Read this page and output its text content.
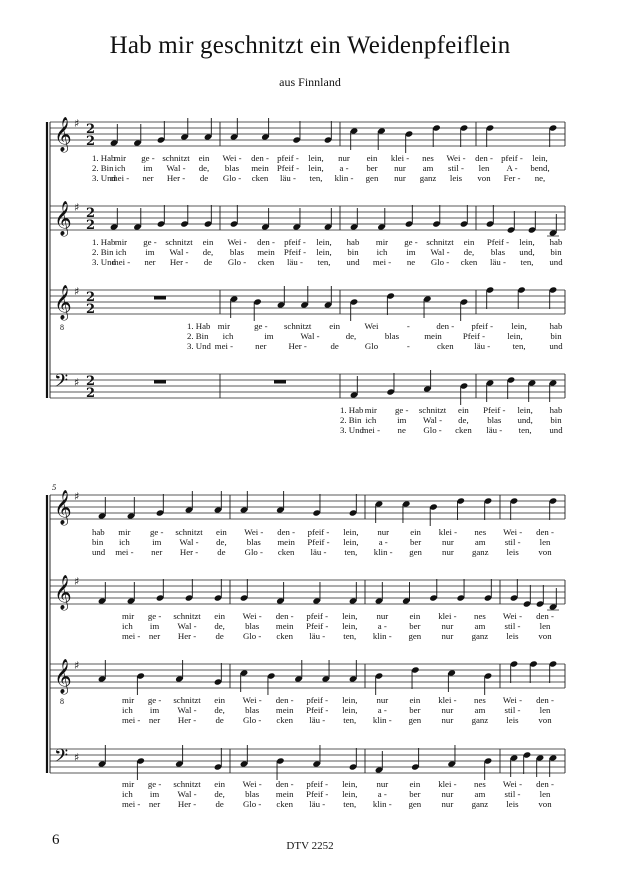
Hab mir geschnitzt ein Weidenpfeiflein
aus Finnland
𝄞 ♯ 2
2
1. Hab
mir ge - schnitzt ein Wei - den - pfeif - lein, nur ein klei - nes Wei - den - pfeif - lein,
2. Bin ich im Wal - de, blas mein Pfeif - lein, a - ber nur am stil - len A - bend,
3. Und
mei - ner Her - de Glo - cken läu - ten, klin - gen nur ganz leis von Fer - ne,
𝄞 ♯ 2
2
1. Hab mir ge - schnitzt ein Wei - den - pfeif - lein, hab mir ge - schnitzt ein Pfeif - lein, hab
2. Bin ich im Wal - de, blas mein Pfeif - lein, bin ich im Wal - de, blas und, bin
3. Und
mei - ner Her - de Glo - cken läu - ten, und mei - ne Glo - cken läu - ten, und
𝄞
8
♯ 2
2
1. Hab mir	ge - schnitzt ein	Wei	-	den - pfeif - lein,	hab
2. Bin ich	im	Wal -	de,	blas	mein Pfeif -	lein,	bin
3. Und mei -	ner	Her -	de	Glo	-	cken läu -	ten,	und
𝄢 ♯ 2
2
1. Hab mir ge - schnitzt ein Pfeif - lein, hab
2. Bin ich im Wal - de, blas und, bin
3. Und
mei - ne Glo - cken läu - ten, und
5
𝄞 ♯
hab mir ge - schnitzt ein Wei - den - pfeif - lein, nur ein klei - nes Wei - den -
bin ich	im Wal - de, blas mein Pfeif - lein, a -	ber nur am stil - len
und mei - ner Her - de Glo - cken läu - ten, klin - gen nur ganz leis von
𝄞 ♯
mir ge - schnitzt ein Wei - den - pfeif - lein, nur ein klei - nes Wei - den -
ich im Wal - de, blas mein Pfeif - lein, a -	ber nur am stil - len
mei - ner Her - de Glo - cken läu - ten, klin - gen nur ganz leis von
𝄞
8
♯
mir ge - schnitzt ein Wei - den - pfeif - lein, nur ein klei - nes Wei - den -
ich im Wal - de, blas mein Pfeif - lein, a -	ber nur am stil - len
mei - ner Her - de Glo - cken läu - ten, klin - gen nur ganz leis von
𝄢 ♯
mir ge - schnitzt ein Wei - den - pfeif - lein, nur ein klei - nes Wei - den -
ich im Wal - de, blas mein Pfeif - lein, a -	ber nur am stil - len
mei - ner Her - de Glo - cken läu - ten, klin - gen nur ganz leis von
6	DTV 2252
